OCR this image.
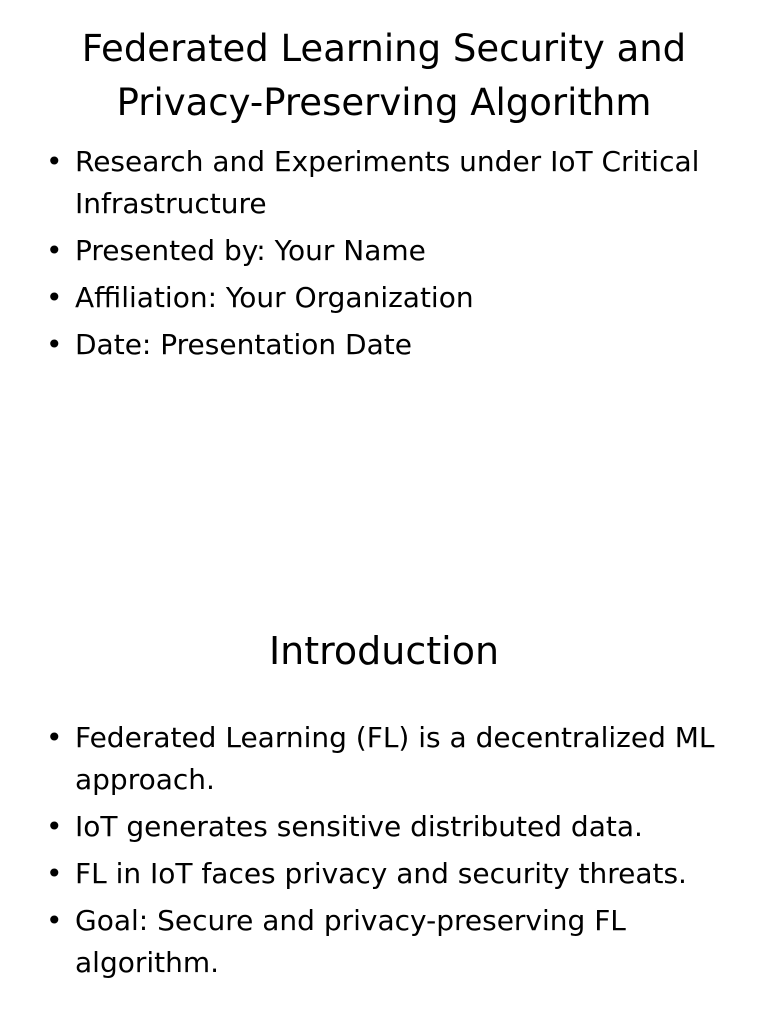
Federated Learning Security and Privacy-Preserving Algorithm
• Research and Experiments under IoT Critical Infrastructure
• Presented by: Your Name
• Affiliation: Your Organization
• Date: Presentation Date
Introduction
• Federated Learning (FL) is a decentralized ML approach.
• IoT generates sensitive distributed data.
• FL in IoT faces privacy and security threats.
• Goal: Secure and privacy-preserving FL algorithm.
